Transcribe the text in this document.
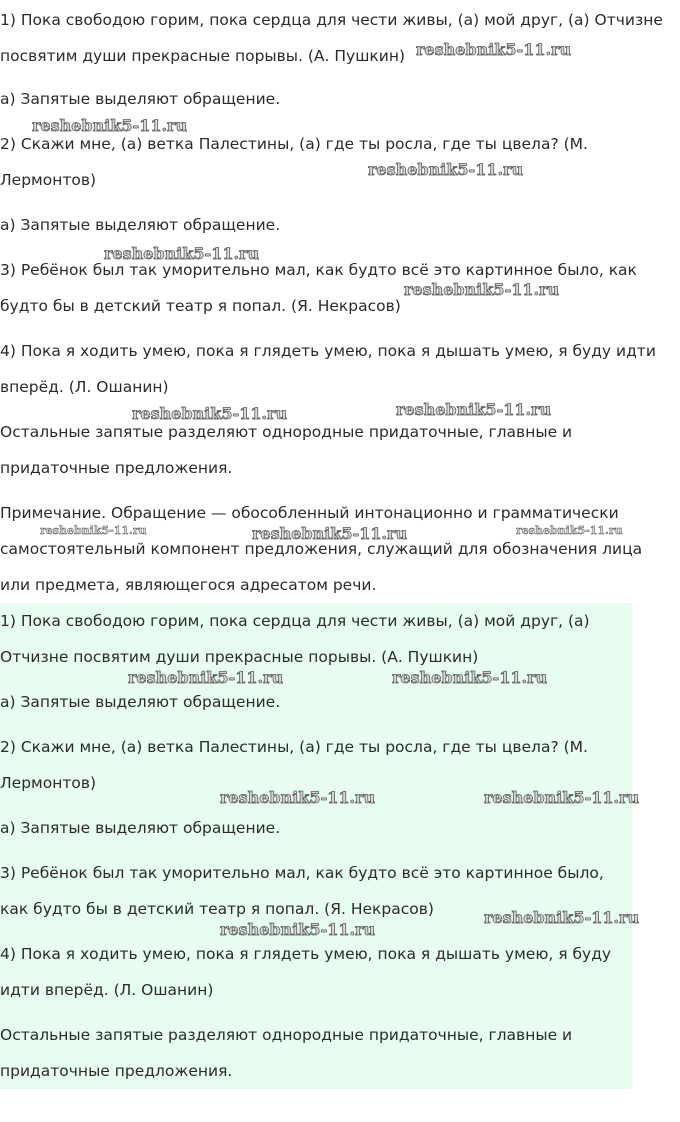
1) Пока свободою горим, пока сердца для чести живы, (а) мой друг, (а) Отчизне посвятим души прекрасные порывы. (А. Пушкин)

а) Запятые выделяют обращение.

2) Скажи мне, (а) ветка Палестины, (а) где ты росла, где ты цвела? (М. Лермонтов)

а) Запятые выделяют обращение.

3) Ребёнок был так уморительно мал, как будто всё это картинное было, как будто бы в детский театр я попал. (Я. Некрасов)

4) Пока я ходить умею, пока я глядеть умею, пока я дышать умею, я буду идти вперёд. (Л. Ошанин)

Остальные запятые разделяют однородные придаточные, главные и придаточные предложения.

Примечание. Обращение — обособленный интонационно и грамматически самостоятельный компонент предложения, служащий для обозначения лица или предмета, являющегося адресатом речи.

1) Пока свободою горим, пока сердца для чести живы, (а) мой друг, (а) Отчизне посвятим души прекрасные порывы. (А. Пушкин)

а) Запятые выделяют обращение.

2) Скажи мне, (а) ветка Палестины, (а) где ты росла, где ты цвела? (М. Лермонтов)

а) Запятые выделяют обращение.

3) Ребёнок был так уморительно мал, как будто всё это картинное было, как будто бы в детский театр я попал. (Я. Некрасов)

4) Пока я ходить умею, пока я глядеть умею, пока я дышать умею, я буду идти вперёд. (Л. Ошанин)

Остальные запятые разделяют однородные придаточные, главные и придаточные предложения.

reshebnik5-11.ru
reshebnik5-11.ru
reshebnik5-11.ru
reshebnik5-11.ru
reshebnik5-11.ru
reshebnik5-11.ru	reshebnik5-11.ru
reshebnik5-11.ru	reshebnik5-11.ru	reshebnik5-11.ru
reshebnik5-11.ru	reshebnik5-11.ru
reshebnik5-11.ru	reshebnik5-11.ru
reshebnik5-11.ru
reshebnik5-11.ru
